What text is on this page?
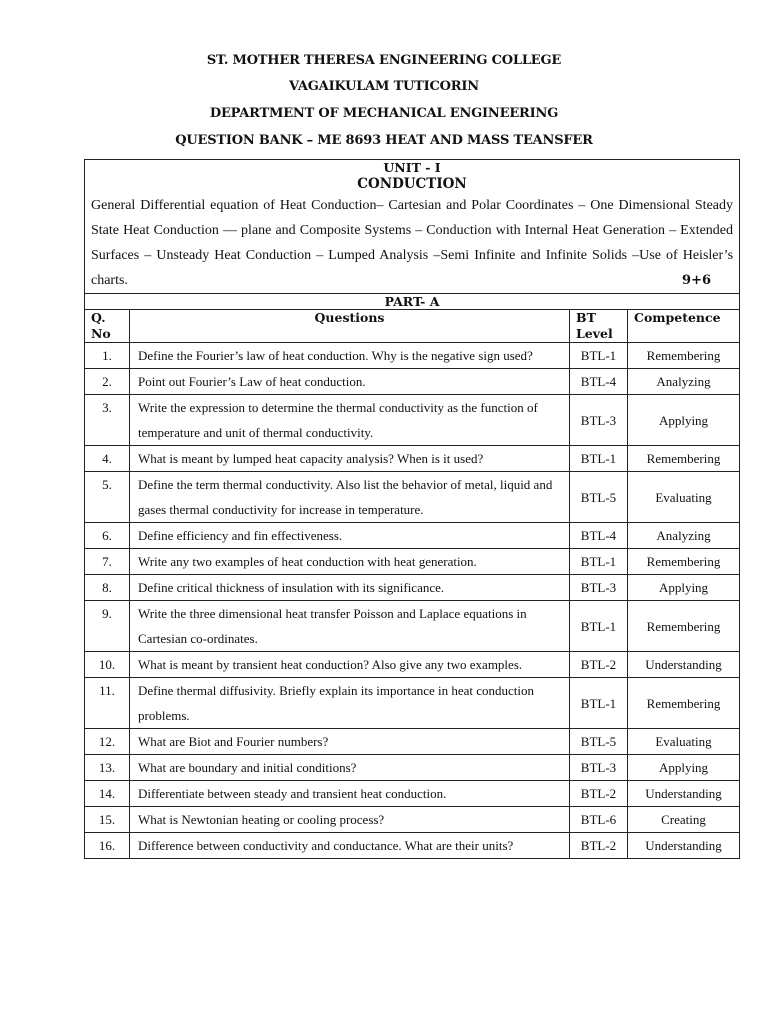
ST. MOTHER THERESA ENGINEERING COLLEGE
VAGAIKULAM TUTICORIN
DEPARTMENT OF MECHANICAL ENGINEERING
QUESTION BANK – ME 8693 HEAT AND MASS TEANSFER
UNIT - I
CONDUCTION
General Differential equation of Heat Conduction– Cartesian and Polar Coordinates – One Dimensional Steady State Heat Conduction –– plane and Composite Systems – Conduction with Internal Heat Generation – Extended Surfaces – Unsteady Heat Conduction – Lumped Analysis –Semi Infinite and Infinite Solids –Use of Heisler’s charts. 9+6			

PART- A			
Q. No	Questions	BT Level	Competence
1.	Define the Fourier’s law of heat conduction. Why is the negative sign used?	BTL-1	Remembering
2.	Point out Fourier’s Law of heat conduction.	BTL-4	Analyzing
3.	Write the expression to determine the thermal conductivity as the function of temperature and unit of thermal conductivity.	BTL-3	Applying
4.	What is meant by lumped heat capacity analysis? When is it used?	BTL-1	Remembering
5.	Define the term thermal conductivity. Also list the behavior of metal, liquid and gases thermal conductivity for increase in temperature.	BTL-5	Evaluating
6.	Define efficiency and fin effectiveness.	BTL-4	Analyzing
7.	Write any two examples of heat conduction with heat generation.	BTL-1	Remembering
8.	Define critical thickness of insulation with its significance.	BTL-3	Applying
9.	Write the three dimensional heat transfer Poisson and Laplace equations in Cartesian co-ordinates.	BTL-1	Remembering
10.	What is meant by transient heat conduction? Also give any two examples.	BTL-2	Understanding
11.	Define thermal diffusivity. Briefly explain its importance in heat conduction problems.	BTL-1	Remembering
12.	What are Biot and Fourier numbers?	BTL-5	Evaluating
13.	What are boundary and initial conditions?	BTL-3	Applying
14.	Differentiate between steady and transient heat conduction.	BTL-2	Understanding
15.	What is Newtonian heating or cooling process?	BTL-6	Creating
16.	Difference between conductivity and conductance. What are their units?	BTL-2	Understanding
